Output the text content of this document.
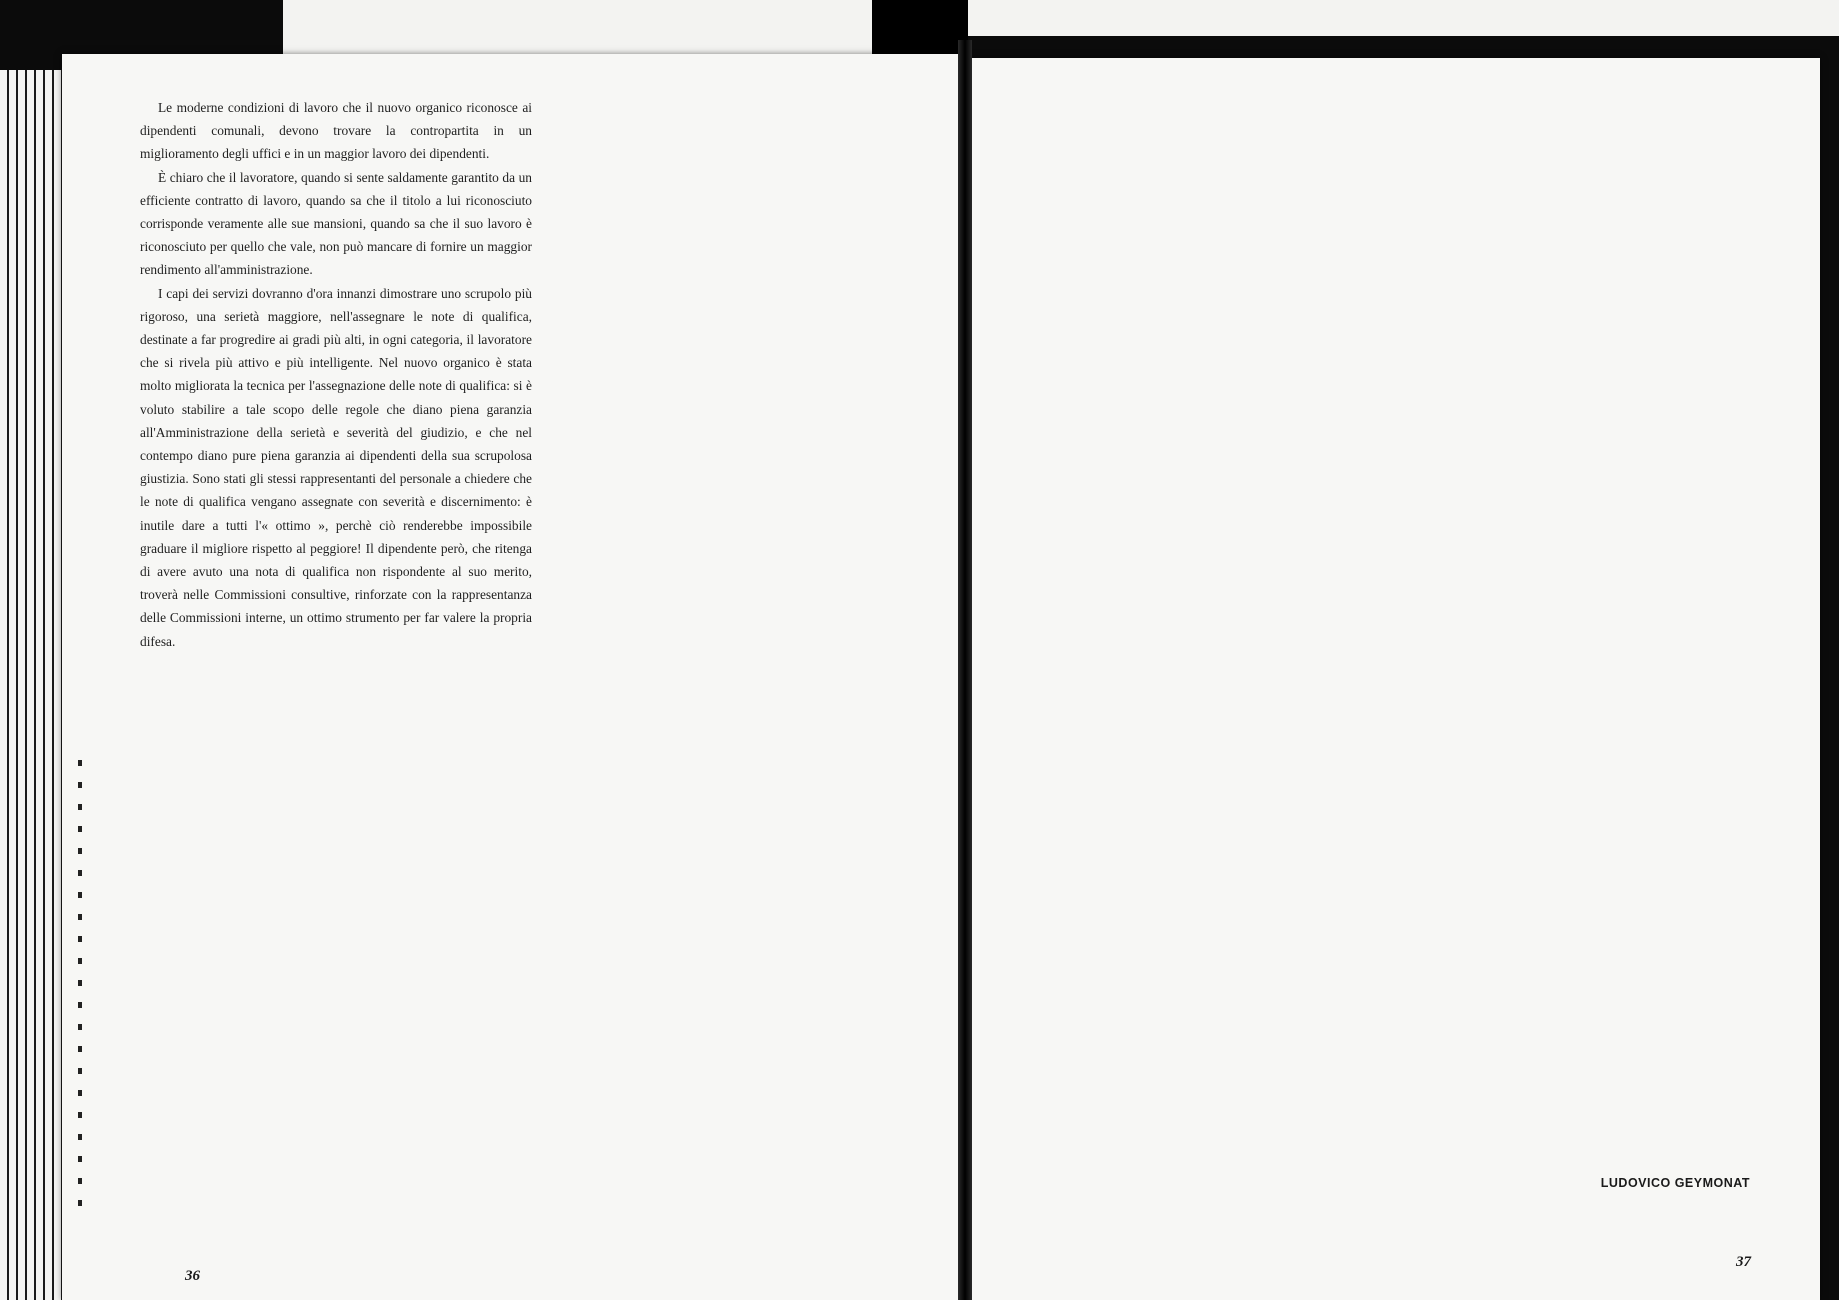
Le moderne condizioni di lavoro che il nuovo organico riconosce ai dipendenti comunali, devono trovare la contropartita in un miglioramento degli uffici e in un maggior lavoro dei dipendenti.

È chiaro che il lavoratore, quando si sente saldamente garantito da un efficiente contratto di lavoro, quando sa che il titolo a lui riconosciuto corrisponde veramente alle sue mansioni, quando sa che il suo lavoro è riconosciuto per quello che vale, non può mancare di fornire un maggior rendimento all'amministrazione.

I capi dei servizi dovranno d'ora innanzi dimostrare uno scrupolo più rigoroso, una serietà maggiore, nell'assegnare le note di qualifica, destinate a far progredire ai gradi più alti, in ogni categoria, il lavoratore che si rivela più attivo e più intelligente. Nel nuovo organico è stata molto migliorata la tecnica per l'assegnazione delle note di qualifica: si è voluto stabilire a tale scopo delle regole che diano piena garanzia all'Amministrazione della serietà e severità del giudizio, e che nel contempo diano pure piena garanzia ai dipendenti della sua scrupolosa giustizia. Sono stati gli stessi rappresentanti del personale a chiedere che le note di qualifica vengano assegnate con severità e discernimento: è inutile dare a tutti l'« ottimo », perchè ciò renderebbe impossibile graduare il migliore rispetto al peggiore! Il dipendente però, che ritenga di avere avuto una nota di qualifica non rispondente al suo merito, troverà nelle Commissioni consultive, rinforzate con la rappresentanza delle Commissioni interne, un ottimo strumento per far valere la propria difesa.

LUDOVICO GEYMONAT
36
37
